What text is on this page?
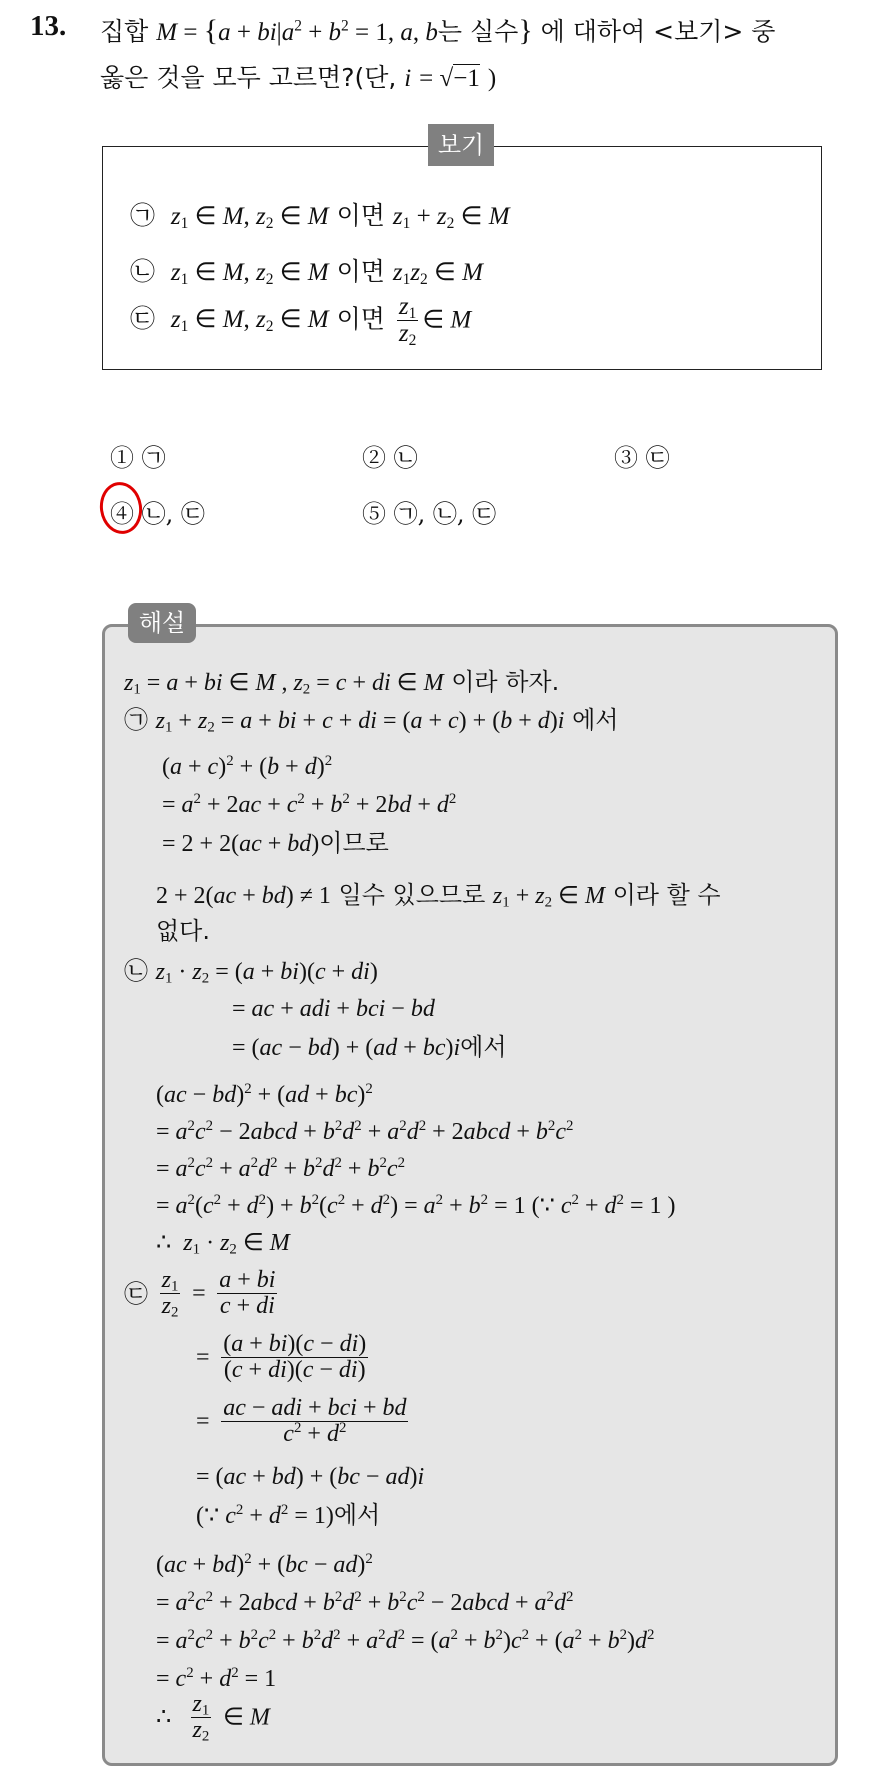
13. 집합 $M = \{a + bi|a^2 + b^2 = 1$, a, b는 실수} 에 대하여 <보기> 중
옳은 것을 모두 고르면?(단, i = √−1 )
보기
㉠ $z_1$ ∈ M, $z_2$ ∈ M 이면 $z_1 + z_2$ ∈ M
㉡ $z_1$ ∈ M, $z_2$ ∈ M 이면 $z_1z_2$ ∈ M
㉢ $z_1$ ∈ M, $z_2$ ∈ M 이면 $\frac{z_1}{z_2}$ ∈ M
① ㉠	② ㉡	③ ㉢
④ ㉡, ㉢	⑤ ㉠, ㉡, ㉢
해설
$z_1 = a$ + bi ∈ M , $z_2 = c$ + di ∈ M 이라 하자.
㉠ $z_1 + z_2 = a$ + bi + c + di = (a + c) + (b + d)i 에서
$(a + c)^2 + (b + d)^2$
= $a^2 + 2ac + c^2 + b^2 + 2bd + d^2$
= 2 + 2(ac + bd)이므로
2 + 2(ac + bd) ≠ 1 일수 있으므로 $z_1 + z_2$ ∈ M 이라 할 수
없다.
㉡ $z_1 \cdot z_2 = (a + bi)(c + di)$
= ac + adi + bci − bd
= (ac − bd) + (ad + bc)i에서
(ac − bd)$^2$ + (ad + bc)$^2$
= $a^2c^2$ − 2abcd + $b^2d^2 + a^2d^2$ + 2abcd + $b^2c^2$
= $a^2c^2 + a^2d^2 + b^2d^2 + b^2c^2$
= $a^2(c^2 + d^2) + b^2(c^2 + d^2) = a^2 + b^2 = 1$ (∵ $c^2 + d^2 = 1$ )
∴  $z_1 \cdot z_2$ ∈ M
㉢ $\frac{z_1}{z_2} = \frac{a + bi}{c + di}$
= $\frac{(a + bi)(c - di)}{(c + di)(c - di)}$
= $\frac{\text{ac − adi + bci + bd}}{c^2 + d^2}$
= (ac + bd) + (bc − ad)i
(∵ $c^2 + d^2 = 1$)에서
(ac + bd)$^2$ + (bc − ad)$^2$
= $a^2c^2$ + 2abcd + $b^2d^2 + b^2c^2$ − 2abcd + $a^2d^2$
= $a^2c^2 + b^2c^2 + b^2d^2 + a^2d^2 = (a^2 + b^2)c^2 + (a^2 + b^2)d^2$
= $c^2 + d^2 = 1$
∴ $\frac{z_1}{z_2}$ ∈ M
